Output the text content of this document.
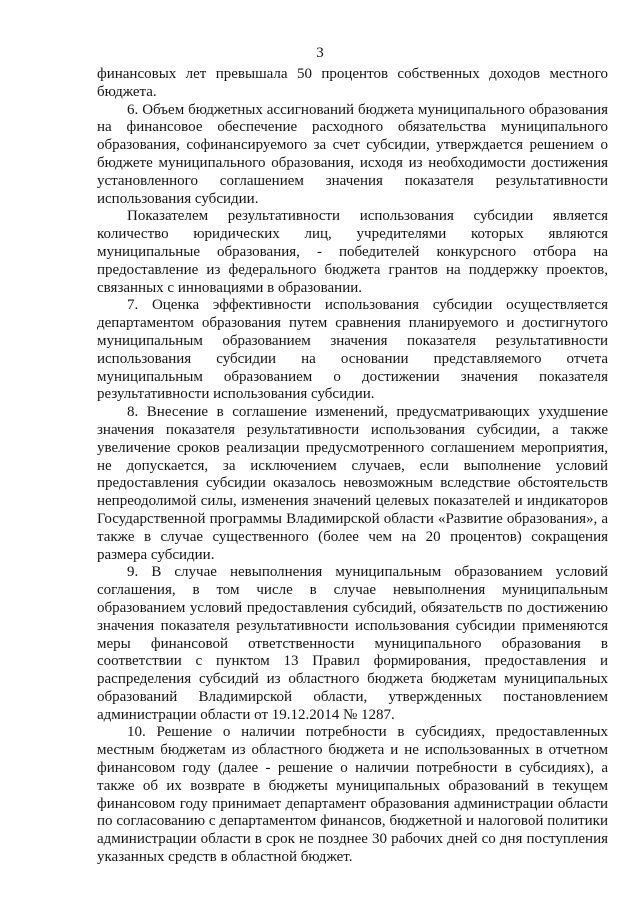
3

финансовых лет превышала 50 процентов собственных доходов местного бюджета.

6. Объем бюджетных ассигнований бюджета муниципального образования на финансовое обеспечение расходного обязательства муниципального образования, софинансируемого за счет субсидии, утверждается решением о бюджете муниципального образования, исходя из необходимости достижения установленного соглашением значения показателя результативности использования субсидии.

Показателем результативности использования субсидии является количество юридических лиц, учредителями которых являются муниципальные образования, - победителей конкурсного отбора на предоставление из федерального бюджета грантов на поддержку проектов, связанных с инновациями в образовании.

7. Оценка эффективности использования субсидии осуществляется департаментом образования путем сравнения планируемого и достигнутого муниципальным образованием значения показателя результативности использования субсидии на основании представляемого отчета муниципальным образованием о достижении значения показателя результативности использования субсидии.

8. Внесение в соглашение изменений, предусматривающих ухудшение значения показателя результативности использования субсидии, а также увеличение сроков реализации предусмотренного соглашением мероприятия, не допускается, за исключением случаев, если выполнение условий предоставления субсидии оказалось невозможным вследствие обстоятельств непреодолимой силы, изменения значений целевых показателей и индикаторов Государственной программы Владимирской области «Развитие образования», а также в случае существенного (более чем на 20 процентов) сокращения размера субсидии.

9. В случае невыполнения муниципальным образованием условий соглашения, в том числе в случае невыполнения муниципальным образованием условий предоставления субсидий, обязательств по достижению значения показателя результативности использования субсидии применяются меры финансовой ответственности муниципального образования в соответствии с пунктом 13 Правил формирования, предоставления и распределения субсидий из областного бюджета бюджетам муниципальных образований Владимирской области, утвержденных постановлением администрации области от 19.12.2014 № 1287.

10. Решение о наличии потребности в субсидиях, предоставленных местным бюджетам из областного бюджета и не использованных в отчетном финансовом году (далее - решение о наличии потребности в субсидиях), а также об их возврате в бюджеты муниципальных образований в текущем финансовом году принимает департамент образования администрации области по согласованию с департаментом финансов, бюджетной и налоговой политики администрации области в срок не позднее 30 рабочих дней со дня поступления указанных средств в областной бюджет.
